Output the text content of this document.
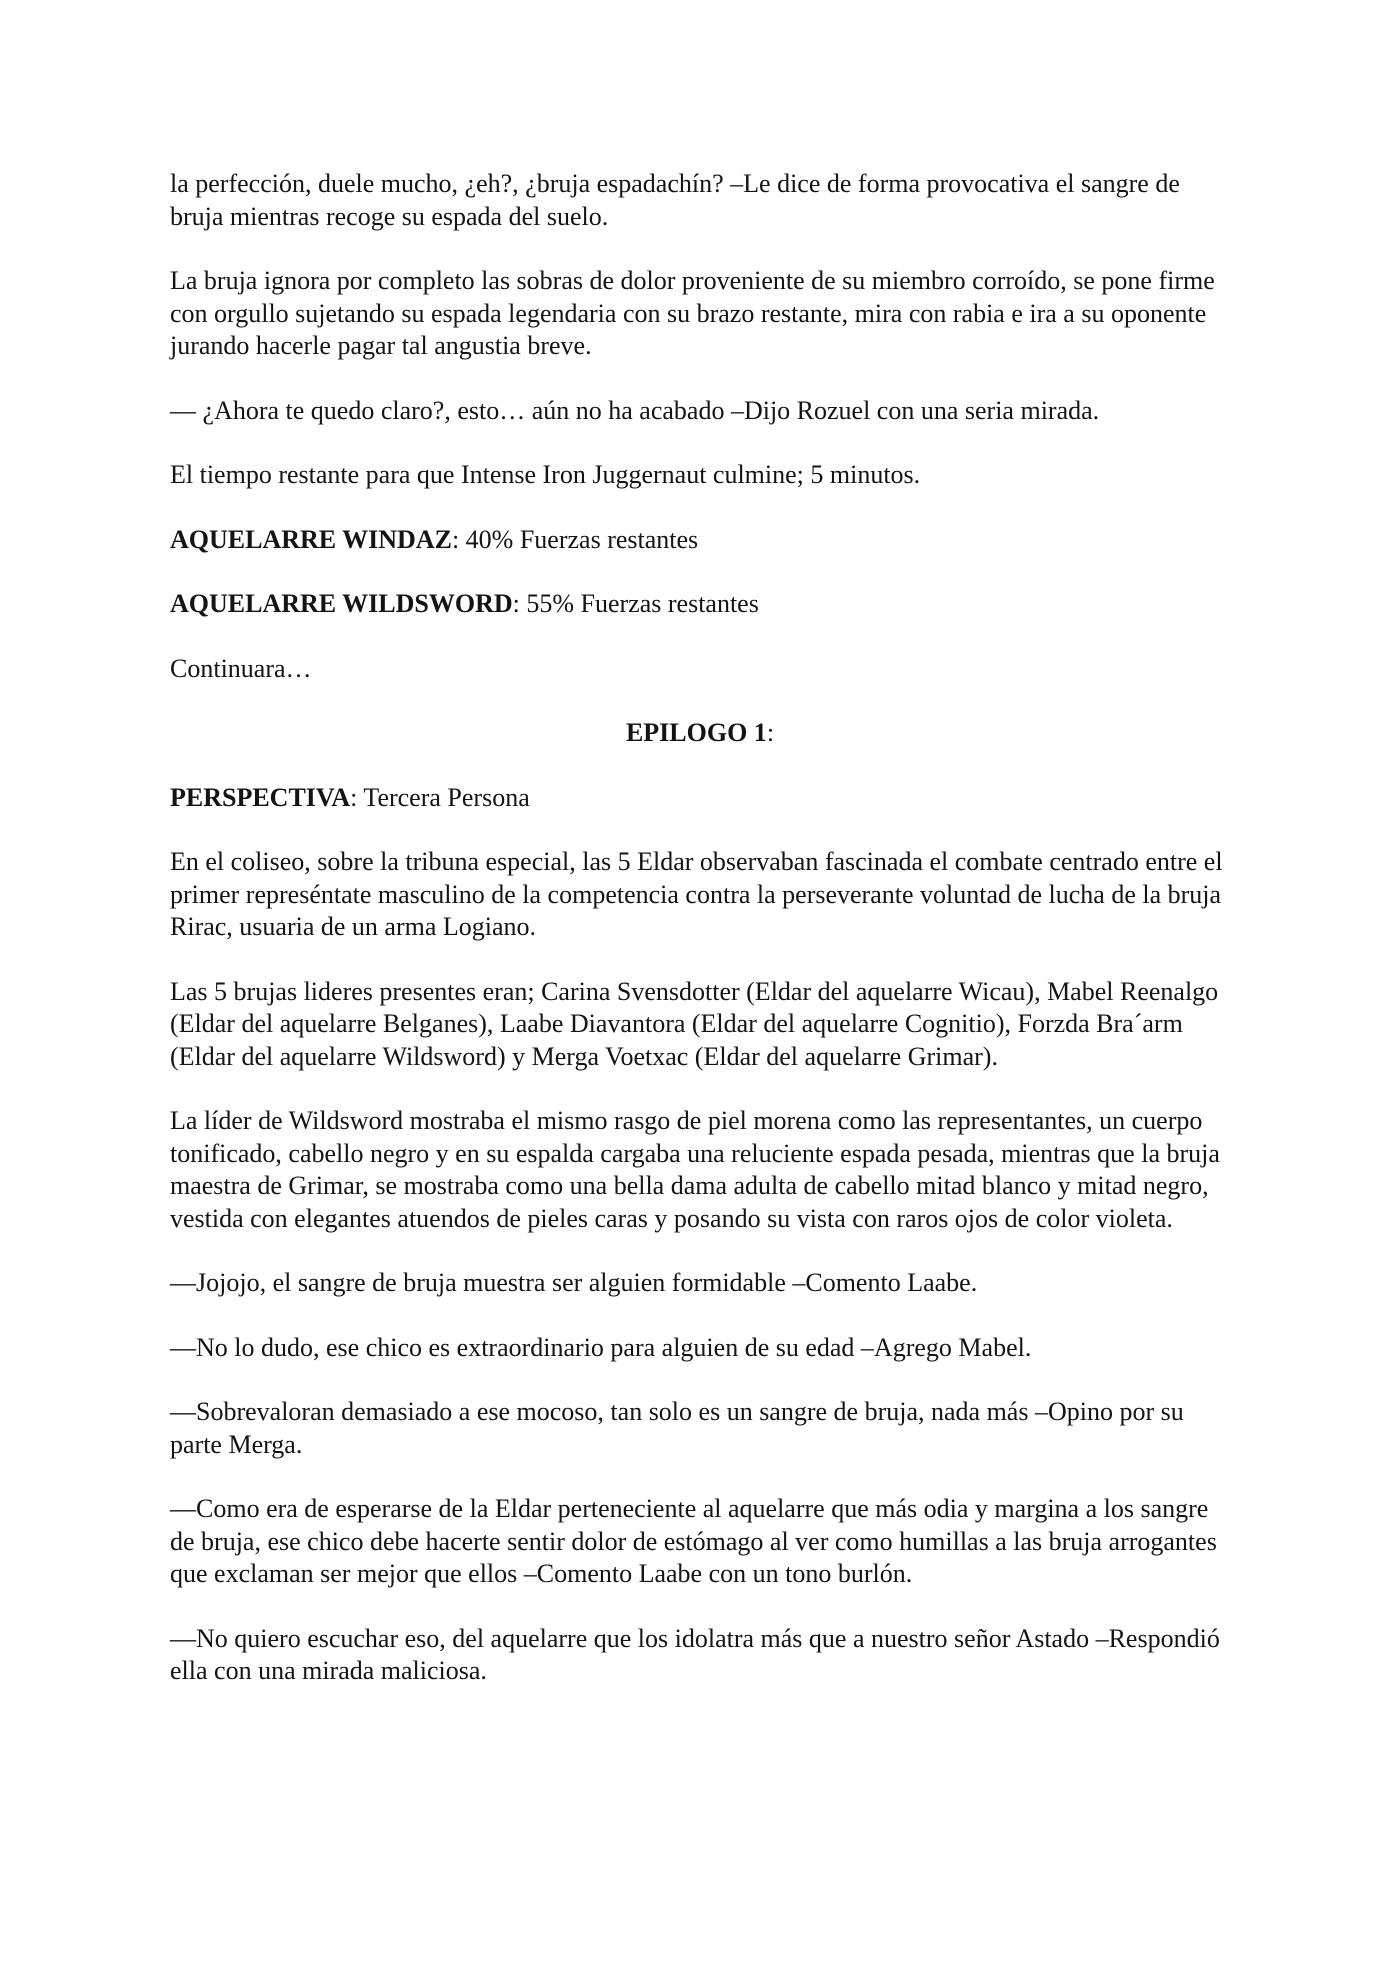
la perfección, duele mucho, ¿eh?, ¿bruja espadachín? –Le dice de forma provocativa el sangre de bruja mientras recoge su espada del suelo.

La bruja ignora por completo las sobras de dolor proveniente de su miembro corroído, se pone firme con orgullo sujetando su espada legendaria con su brazo restante, mira con rabia e ira a su oponente jurando hacerle pagar tal angustia breve.

— ¿Ahora te quedo claro?, esto… aún no ha acabado –Dijo Rozuel con una seria mirada.

El tiempo restante para que Intense Iron Juggernaut culmine; 5 minutos.

AQUELARRE WINDAZ: 40% Fuerzas restantes

AQUELARRE WILDSWORD: 55% Fuerzas restantes

Continuara…

EPILOGO 1:

PERSPECTIVA: Tercera Persona

En el coliseo, sobre la tribuna especial, las 5 Eldar observaban fascinada el combate centrado entre el primer represéntate masculino de la competencia contra la perseverante voluntad de lucha de la bruja Rirac, usuaria de un arma Logiano.

Las 5 brujas lideres presentes eran; Carina Svensdotter (Eldar del aquelarre Wicau), Mabel Reenalgo (Eldar del aquelarre Belganes), Laabe Diavantora (Eldar del aquelarre Cognitio), Forzda Bra´arm (Eldar del aquelarre Wildsword) y Merga Voetxac (Eldar del aquelarre Grimar).

La líder de Wildsword mostraba el mismo rasgo de piel morena como las representantes, un cuerpo tonificado, cabello negro y en su espalda cargaba una reluciente espada pesada, mientras que la bruja maestra de Grimar, se mostraba como una bella dama adulta de cabello mitad blanco y mitad negro, vestida con elegantes atuendos de pieles caras y posando su vista con raros ojos de color violeta.

—Jojojo, el sangre de bruja muestra ser alguien formidable –Comento Laabe.

—No lo dudo, ese chico es extraordinario para alguien de su edad –Agrego Mabel.

—Sobrevaloran demasiado a ese mocoso, tan solo es un sangre de bruja, nada más –Opino por su parte Merga.

—Como era de esperarse de la Eldar perteneciente al aquelarre que más odia y margina a los sangre de bruja, ese chico debe hacerte sentir dolor de estómago al ver como humillas a las bruja arrogantes que exclaman ser mejor que ellos –Comento Laabe con un tono burlón.

—No quiero escuchar eso, del aquelarre que los idolatra más que a nuestro señor Astado –Respondió ella con una mirada maliciosa.
